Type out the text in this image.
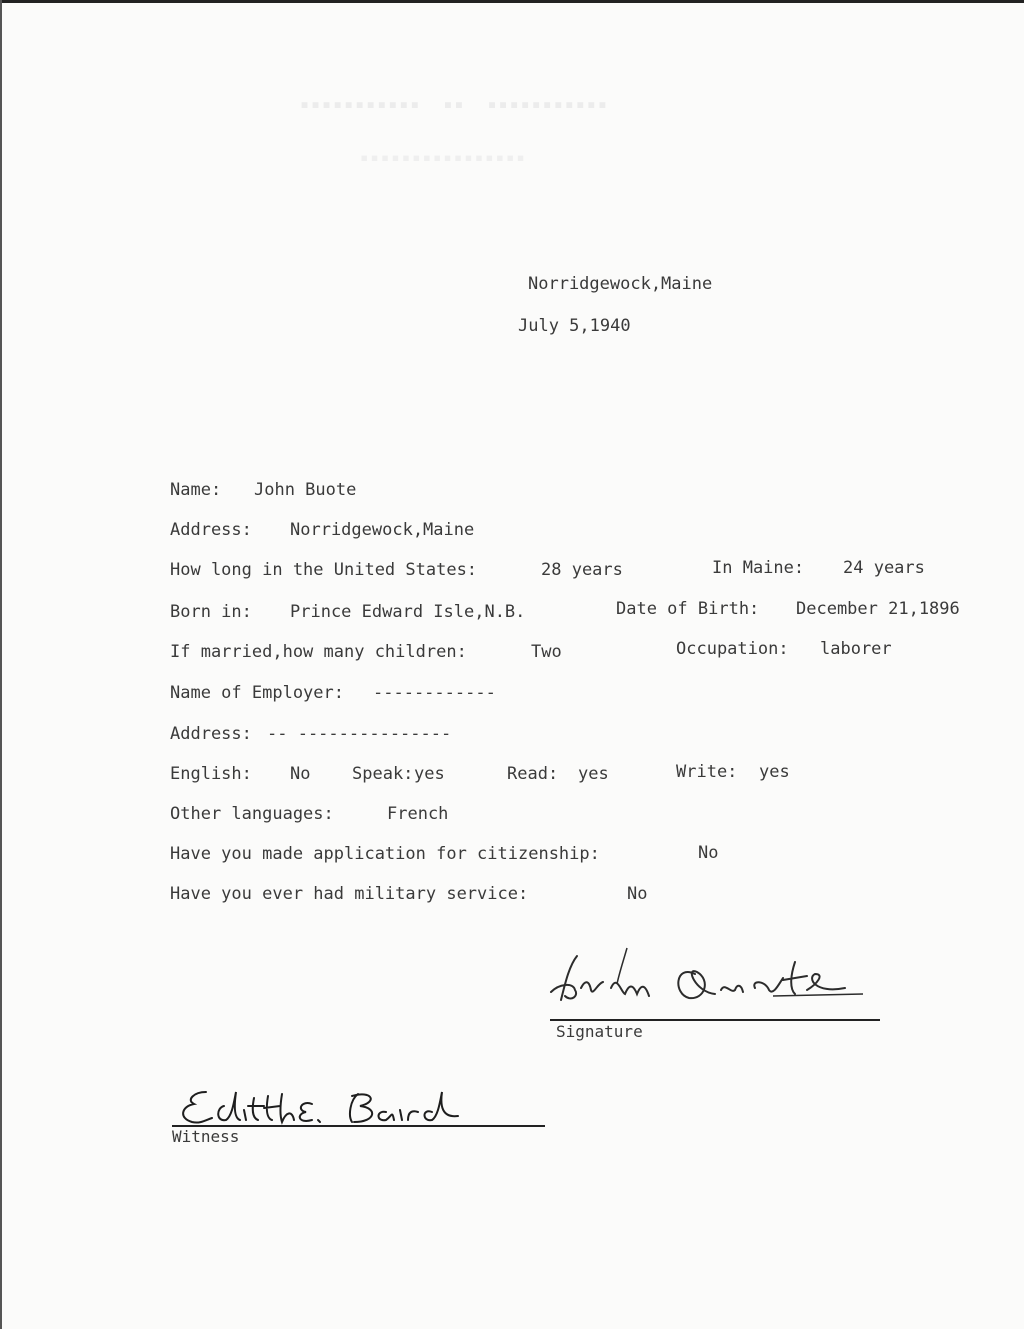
▪▪▪▪▪▪▪▪▪▪▪  ▪▪  ▪▪▪▪▪▪▪▪▪▪▪
▪▪▪▪▪▪▪▪▪▪▪▪▪▪▪▪
Norridgewock,Maine
July 5,1940
Name: John Buote
Address: Norridgewock,Maine
How long in the United States:	28 years	In Maine: 24 years
Born in: Prince Edward Isle,N.B.	Date of Birth: December 21,1896
If married,how many children:	Two	Occupation: laborer
Name of Employer: ------------
Address: -- ---------------
English: No Speak: yes	Read: yes	Write: yes
Other languages:	French
Have you made application for citizenship:	No
Have you ever had military service:	No
Signature
Witness
